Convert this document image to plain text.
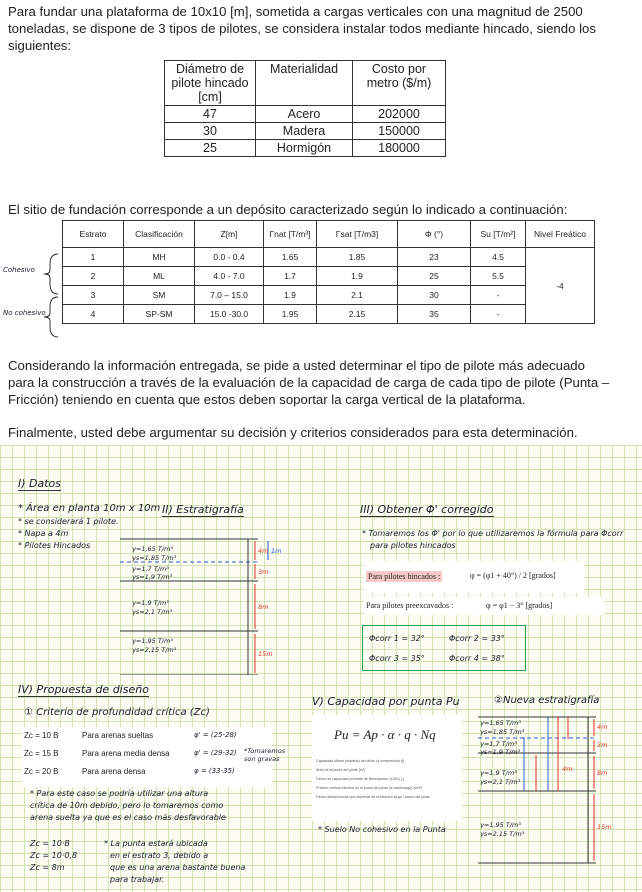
Para fundar una plataforma de 10x10 [m], sometida a cargas verticales con una magnitud de 2500

toneladas, se dispone de 3 tipos de pilotes, se considera instalar todos mediante hincado, siendo los

siguientes:

Diámetro de pilote hincado [cm]	Materialidad	Costo por metro ($/m)
47	Acero	202000
30	Madera	150000
25	Hormigón	180000

El sitio de fundación corresponde a un depósito caracterizado según lo indicado a continuación:

Estrato	Clasificación	Z[m]	Γnat [T/m³]	Γsat [T/m3]	Φ (°)	Su [T/m²]	Nivel Freático
1	MH	0.0 - 0.4	1.65	1.85	23	4.5	-4
2	ML	4.0 - 7.0	1.7	1.9	25	5.5	
3	SM	7.0 – 15.0	1.9	2.1	30	-	
4	SP-SM	15.0 -30.0	1.95	2.15	35	-	
Cohesivo
No cohesivo

Considerando la información entregada, se pide a usted determinar el tipo de pilote más adecuado

para la construcción a través de la evaluación de la capacidad de carga de cada tipo de pilote (Punta –

Fricción) teniendo en cuenta que estos deben soportar la carga vertical de la plataforma.

Finalmente, usted debe argumentar su decisión y criterios considerados para esta determinación.

I) Datos
* Área en planta 10m x 10m
* se considerará 1 pilote.
* Napa a 4m
* Pilotes Hincados
II) Estratigrafía
γ=1,65 T/m³
γs=1,85 T/m³
γ=1,7 T/m³
γs=1,9 T/m³
γ=1,9 T/m³
γs=2,1 T/m³
γ=1,95 T/m³
γs=2,15 T/m³
4m
3m
8m
15m
1m
III) Obtener Φ' corregido
* Tomaremos los Φ' por lo que utilizaremos la fórmula para Φcorr
para pilotes hincados
Para pilotes hincados :	φ = (φ1 + 40°) / 2 [grados]
Para pilotes preexcavados :	φ = φ1 − 3° [grados]
Φcorr 1 = 32°	Φcorr 2 = 33°
Φcorr 3 = 35°	Φcorr 4 = 38°
IV) Propuesta de diseño
① Criterio de profundidad crítica (Zc)
Zc = 10 B	Para arenas sueltas	φ' = (25-28)
Zc = 15 B	Para arena media densa	φ' = (29-32)
Zc = 20 B	Para arena densa	φ = (33-35)
*Tomaremos son gravas
* Para este caso se podría utilizar una altura
crítica de 10m debido, pero lo tomaremos como
arena suelta ya que es el caso más desfavorable
Zc = 10·B
Zc = 10·0,8
Zc = 8m
* La punta estará ubicada
en el estrato 3, debido a
que es una arena bastante buena
para trabajar.
V) Capacidad por punta Pu
Pu = Ap · α · q · Nq
Capacidad última (máxima) del pilote (a compresión) [t]
Área de la punta del pilote [m²]
Factor de capacidad portante de Berezantsev (1961) [-]
Presión vertical efectiva en la punta del pilote (a sobrecarga) (t/m²)
Factor adimensional que depende de la relación largo / ancho del pilote
* Suelo No cohesivo en la Punta
②Nueva estratigrafía
γ=1,65 T/m³
γs=1,85 T/m³
γ=1,7 T/m³
γs=1,9 T/m³
γ=1,9 T/m³
γs=2,1 T/m³
γ=1,95 T/m³
γs=2,15 T/m³
4m
3m
4m	8m
15m
